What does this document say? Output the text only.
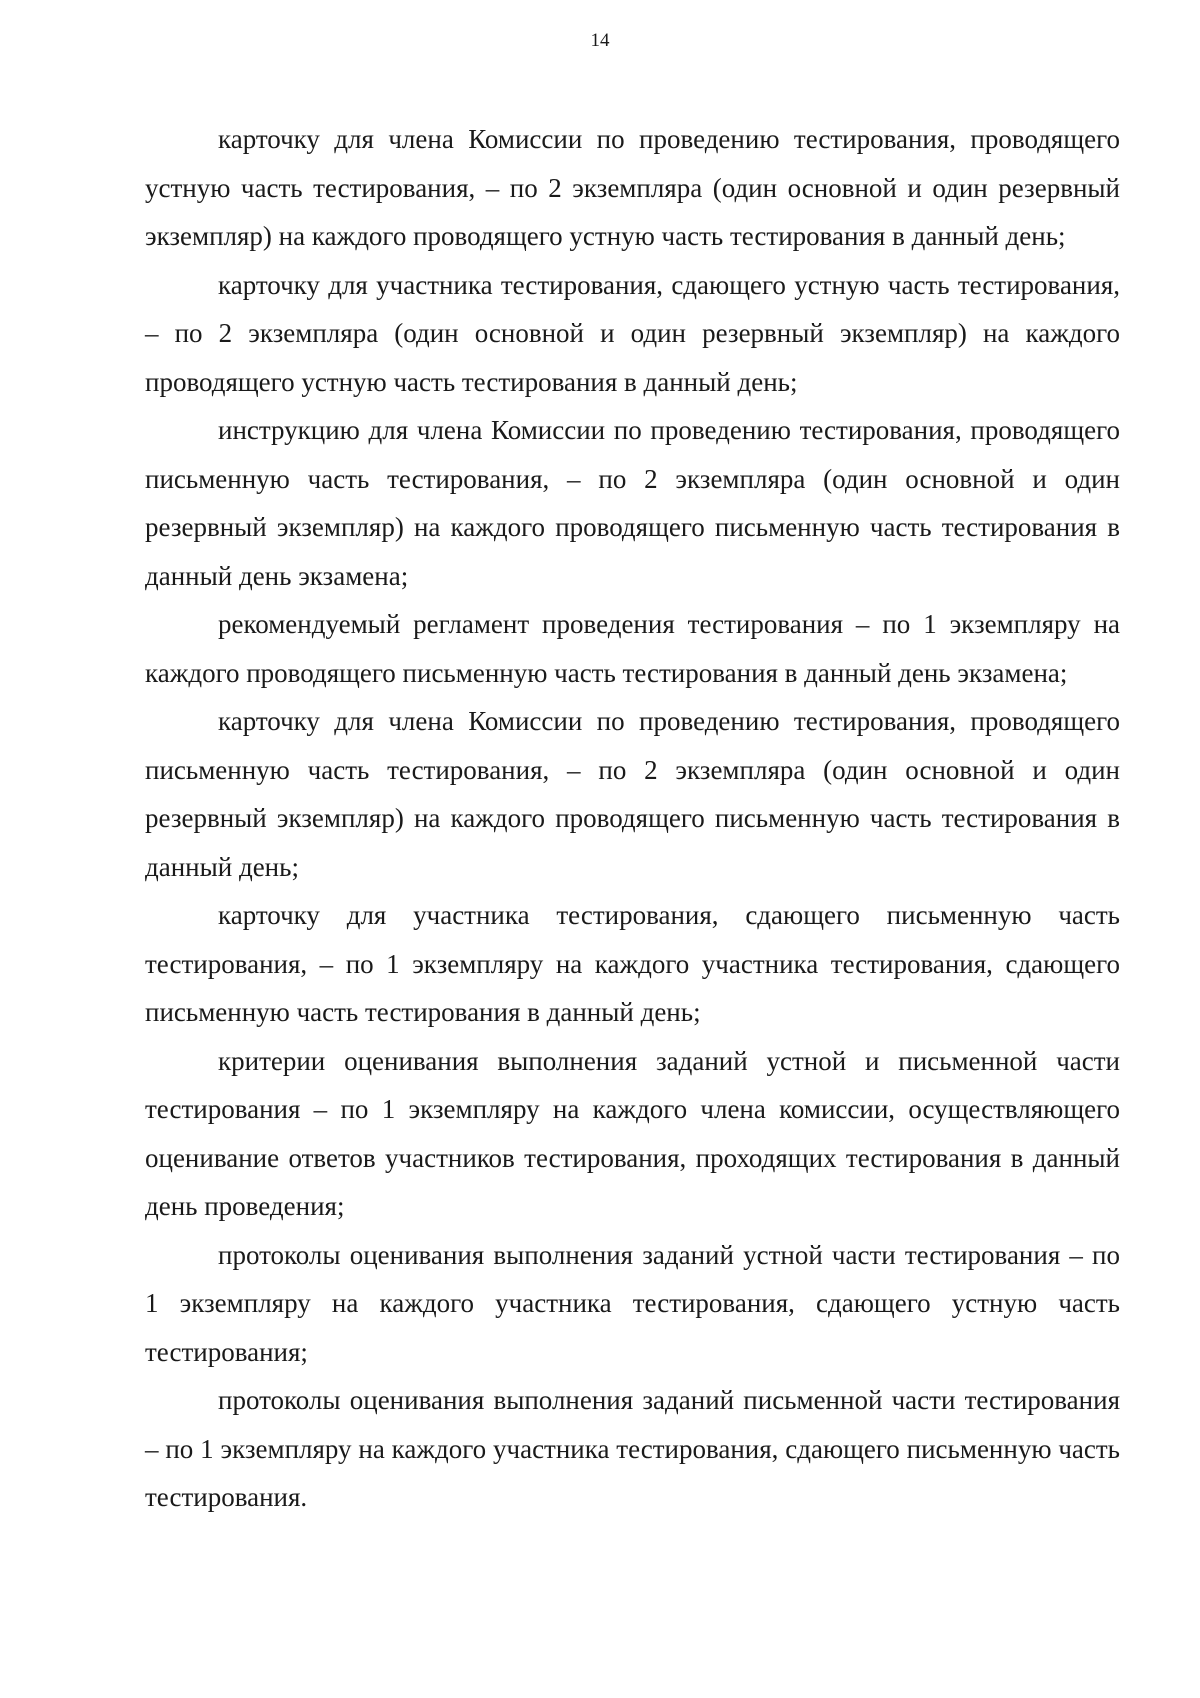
14

карточку для члена Комиссии по проведению тестирования, проводящего устную часть тестирования, – по 2 экземпляра (один основной и один резервный экземпляр) на каждого проводящего устную часть тестирования в данный день;

карточку для участника тестирования, сдающего устную часть тестирования, – по 2 экземпляра (один основной и один резервный экземпляр) на каждого проводящего устную часть тестирования в данный день;

инструкцию для члена Комиссии по проведению тестирования, проводящего письменную часть тестирования, – по 2 экземпляра (один основной и один резервный экземпляр) на каждого проводящего письменную часть тестирования в данный день экзамена;

рекомендуемый регламент проведения тестирования – по 1 экземпляру на каждого проводящего письменную часть тестирования в данный день экзамена;

карточку для члена Комиссии по проведению тестирования, проводящего письменную часть тестирования, – по 2 экземпляра (один основной и один резервный экземпляр) на каждого проводящего письменную часть тестирования в данный день;

карточку для участника тестирования, сдающего письменную часть тестирования, – по 1 экземпляру на каждого участника тестирования, сдающего письменную часть тестирования в данный день;

критерии оценивания выполнения заданий устной и письменной части тестирования – по 1 экземпляру на каждого члена комиссии, осуществляющего оценивание ответов участников тестирования, проходящих тестирования в данный день проведения;

протоколы оценивания выполнения заданий устной части тестирования – по 1 экземпляру на каждого участника тестирования, сдающего устную часть тестирования;

протоколы оценивания выполнения заданий письменной части тестирования – по 1 экземпляру на каждого участника тестирования, сдающего письменную часть тестирования.
